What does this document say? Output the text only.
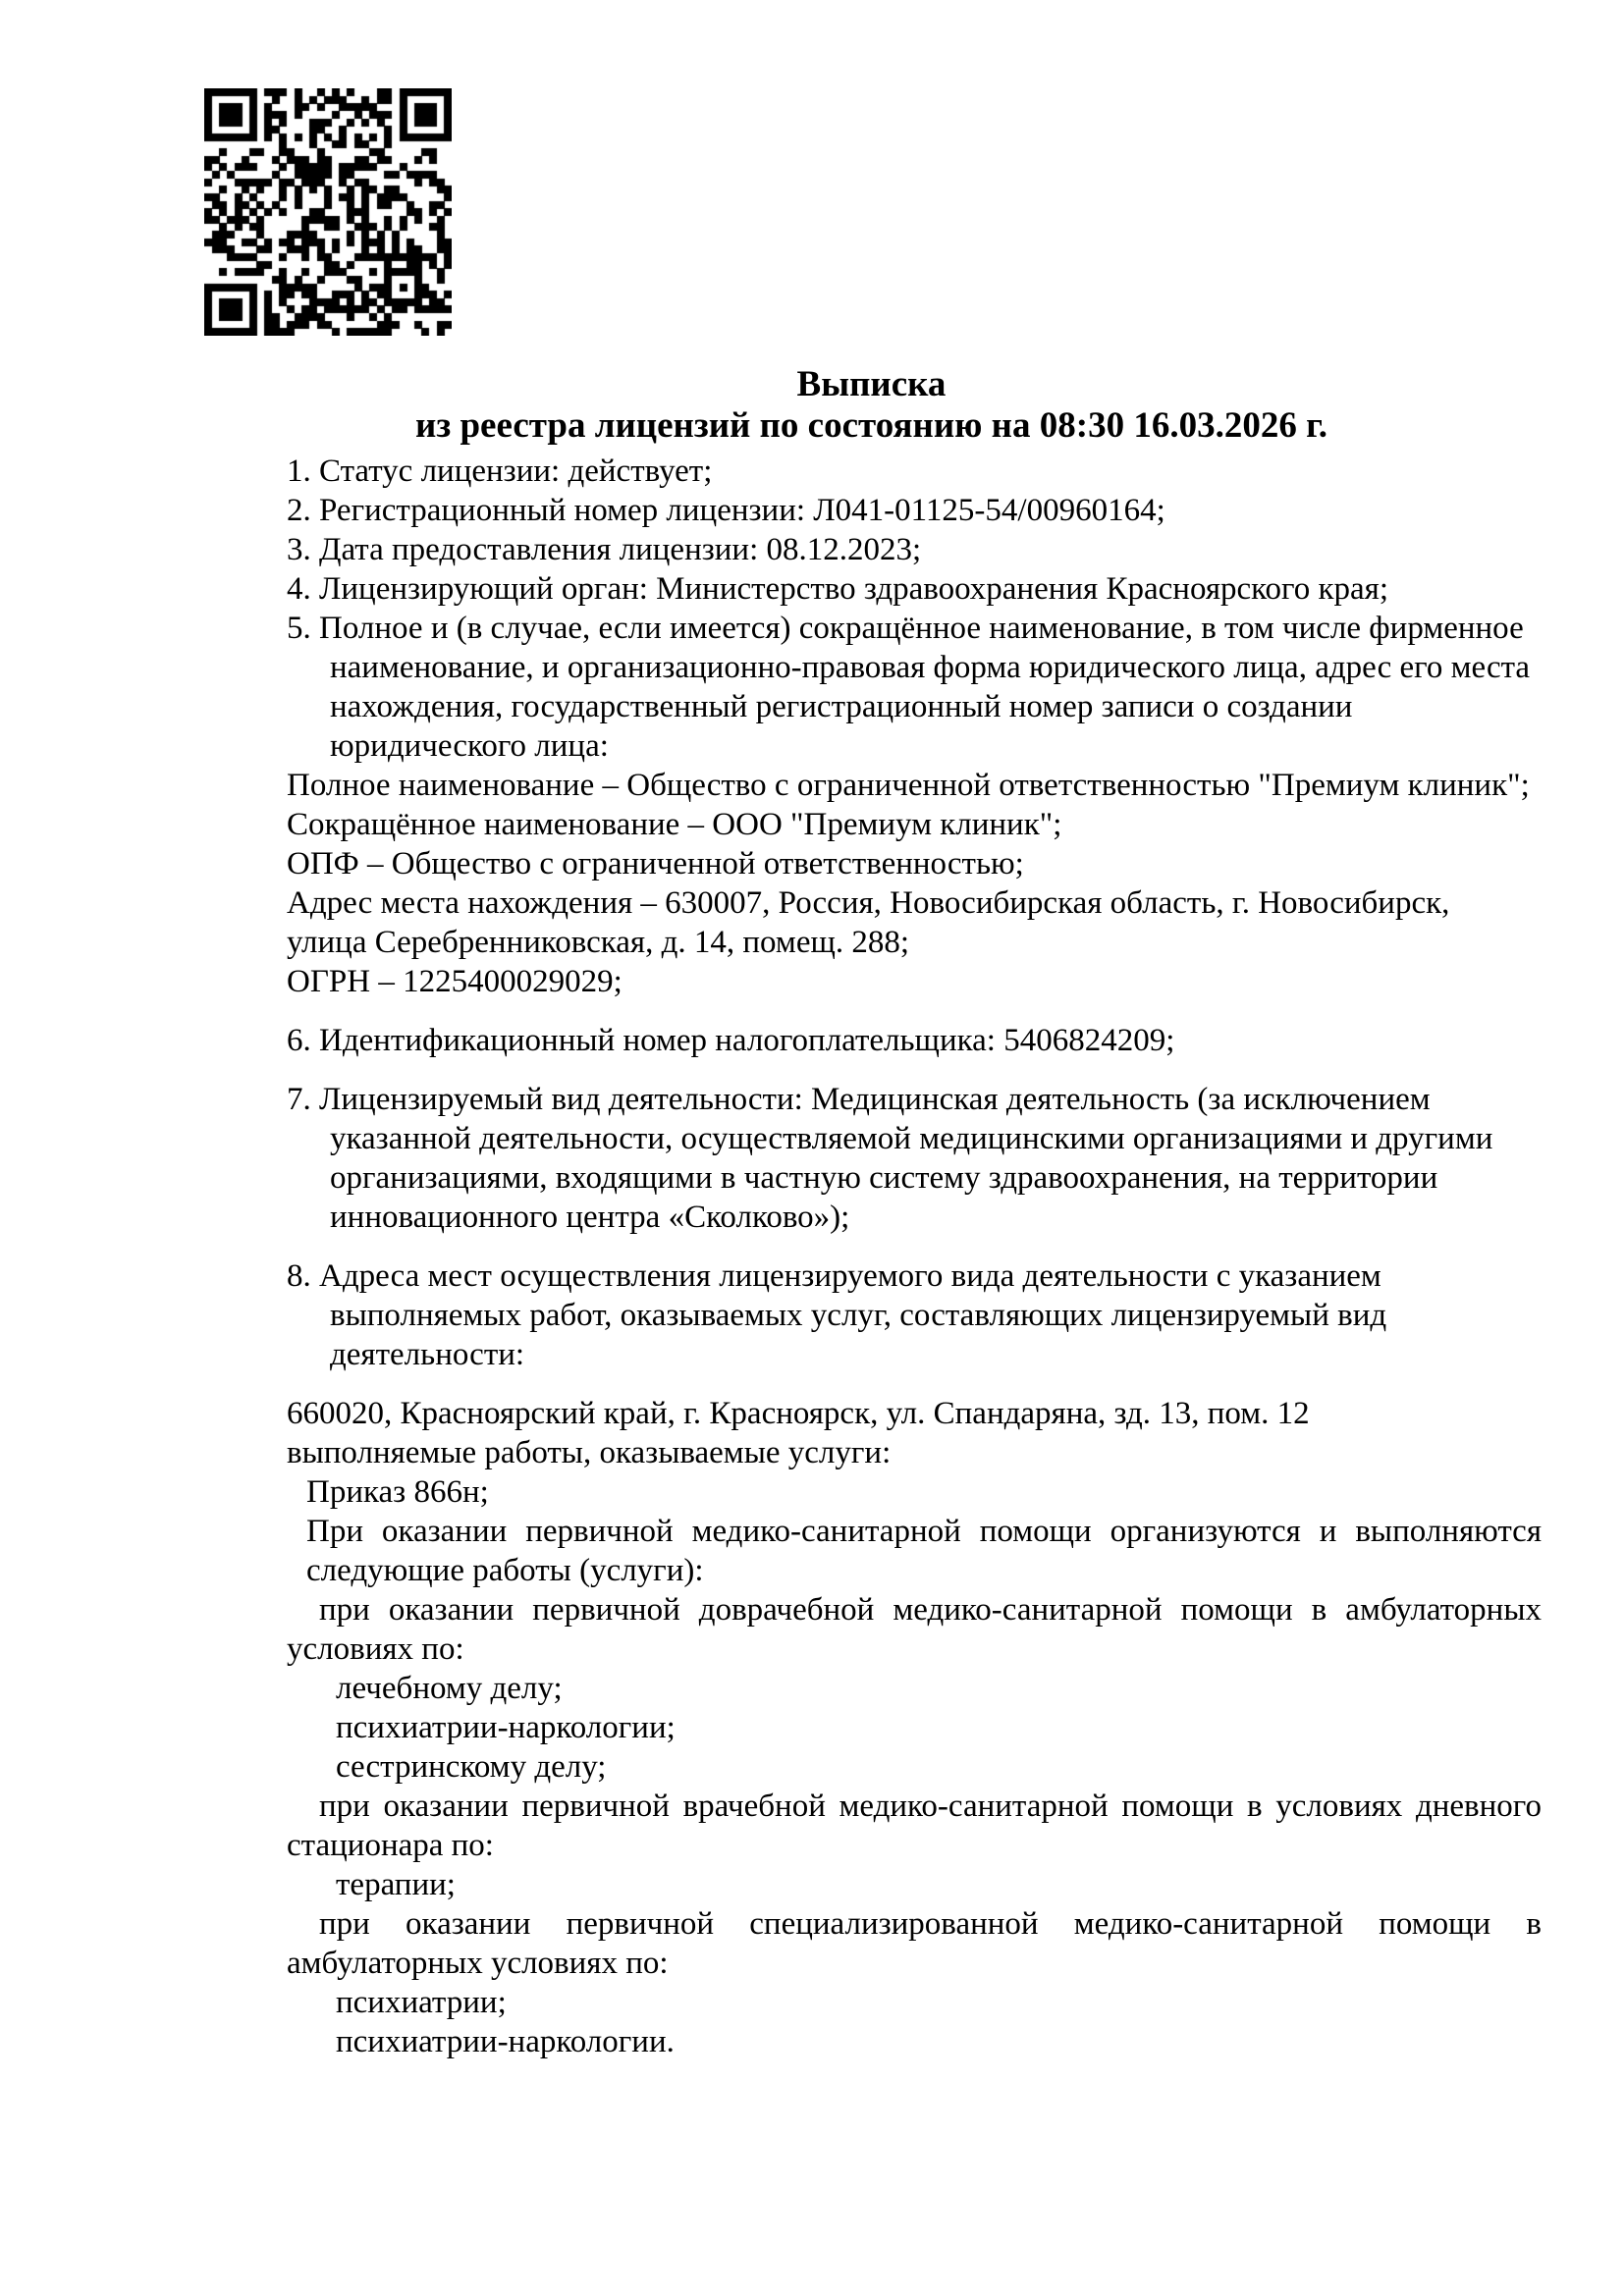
Выписка

из реестра лицензий по состоянию на 08:30 16.03.2026 г.

1. Статус лицензии: действует;

2. Регистрационный номер лицензии: Л041-01125-54/00960164;

3. Дата предоставления лицензии: 08.12.2023;

4. Лицензирующий орган: Министерство здравоохранения Красноярского края;

5. Полное и (в случае, если имеется) сокращённое наименование, в том числе фирменное

наименование, и организационно-правовая форма юридического лица, адрес его места

нахождения, государственный регистрационный номер записи о создании

юридического лица:

Полное наименование – Общество с ограниченной ответственностью "Премиум клиник";

Сокращённое наименование – ООО "Премиум клиник";

ОПФ – Общество с ограниченной ответственностью;

Адрес места нахождения – 630007, Россия, Новосибирская область, г. Новосибирск,

улица Серебренниковская, д. 14, помещ. 288;

ОГРН – 1225400029029;

6. Идентификационный номер налогоплательщика: 5406824209;

7. Лицензируемый вид деятельности: Медицинская деятельность (за исключением

указанной деятельности, осуществляемой медицинскими организациями и другими

организациями, входящими в частную систему здравоохранения, на территории

инновационного центра «Сколково»);

8. Адреса мест осуществления лицензируемого вида деятельности с указанием

выполняемых работ, оказываемых услуг, составляющих лицензируемый вид

деятельности:

660020, Красноярский край, г. Красноярск, ул. Спандаряна, зд. 13, пом. 12

выполняемые работы, оказываемые услуги:

Приказ 866н;

При оказании первичной медико-санитарной помощи организуются и выполняются

следующие работы (услуги):

при оказании первичной доврачебной медико-санитарной помощи в амбулаторных

условиях по:

лечебному делу;

психиатрии-наркологии;

сестринскому делу;

при оказании первичной врачебной медико-санитарной помощи в условиях дневного

стационара по:

терапии;

при оказании первичной специализированной медико-санитарной помощи в

амбулаторных условиях по:

психиатрии;

психиатрии-наркологии.
